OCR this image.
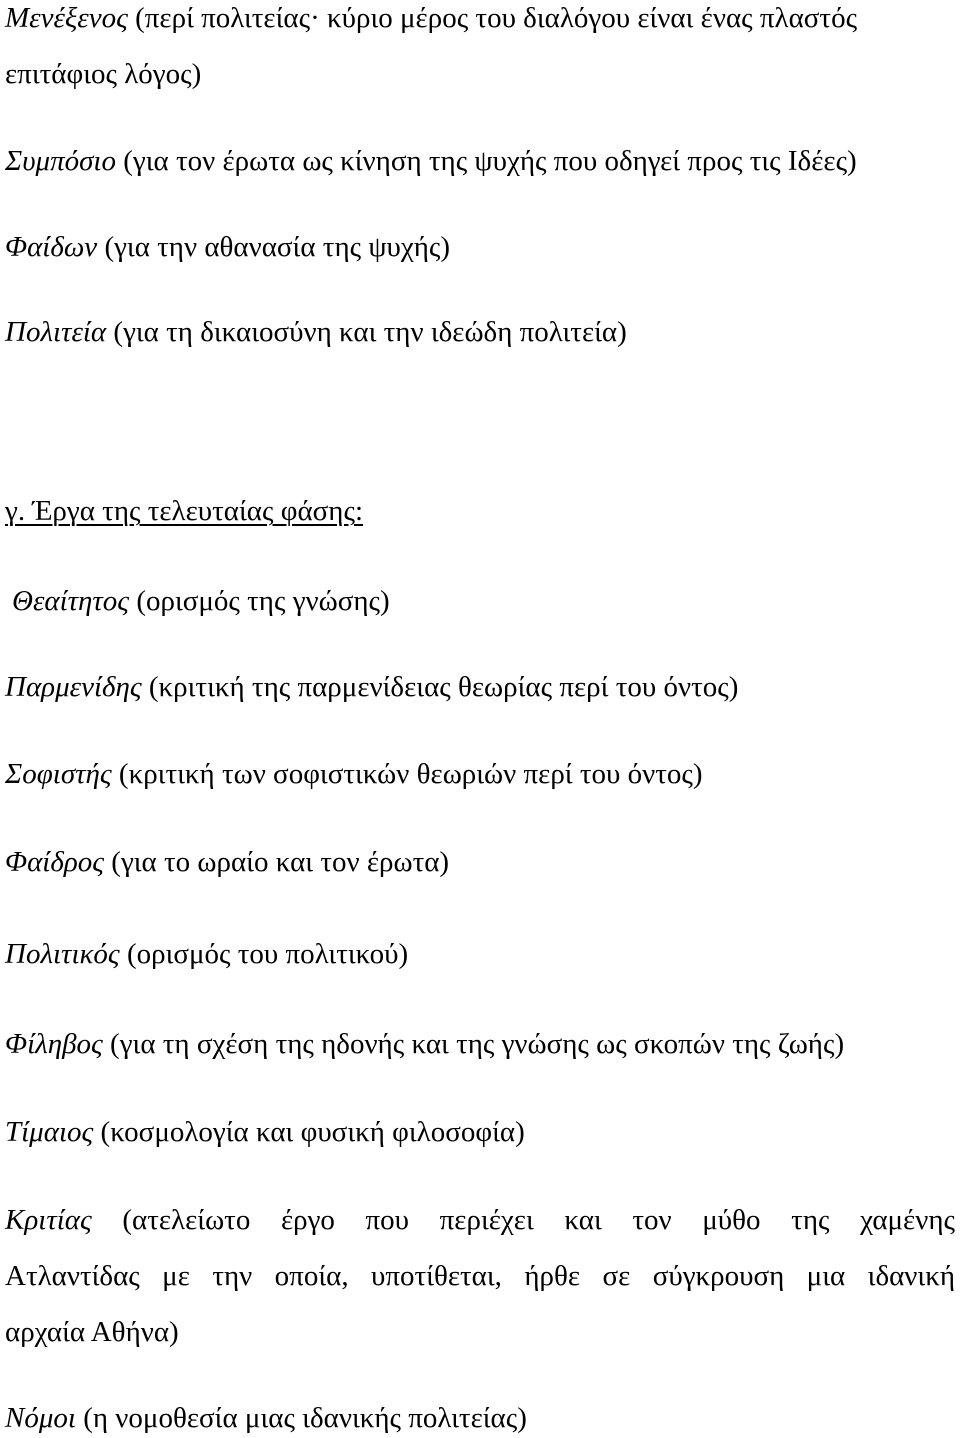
Μενέξενος (περί πολιτείας· κύριο μέρος του διαλόγου είναι ένας πλαστός
επιτάφιος λόγος)
Συμπόσιο (για τον έρωτα ως κίνηση της ψυχής που οδηγεί προς τις Ιδέες)
Φαίδων (για την αθανασία της ψυχής)
Πολιτεία (για τη δικαιοσύνη και την ιδεώδη πολιτεία)
γ. Έργα της τελευταίας φάσης:
Θεαίτητος (ορισμός της γνώσης)
Παρμενίδης (κριτική της παρμενίδειας θεωρίας περί του όντος)
Σοφιστής (κριτική των σοφιστικών θεωριών περί του όντος)
Φαίδρος (για το ωραίο και τον έρωτα)
Πολιτικός (ορισμός του πολιτικού)
Φίληβος (για τη σχέση της ηδονής και της γνώσης ως σκοπών της ζωής)
Τίμαιος (κοσμολογία και φυσική φιλοσοφία)
Κριτίας (ατελείωτο έργο που περιέχει και τον μύθο της χαμένης
Ατλαντίδας με την οποία, υποτίθεται, ήρθε σε σύγκρουση μια ιδανική
αρχαία Αθήνα)
Νόμοι (η νομοθεσία μιας ιδανικής πολιτείας)
